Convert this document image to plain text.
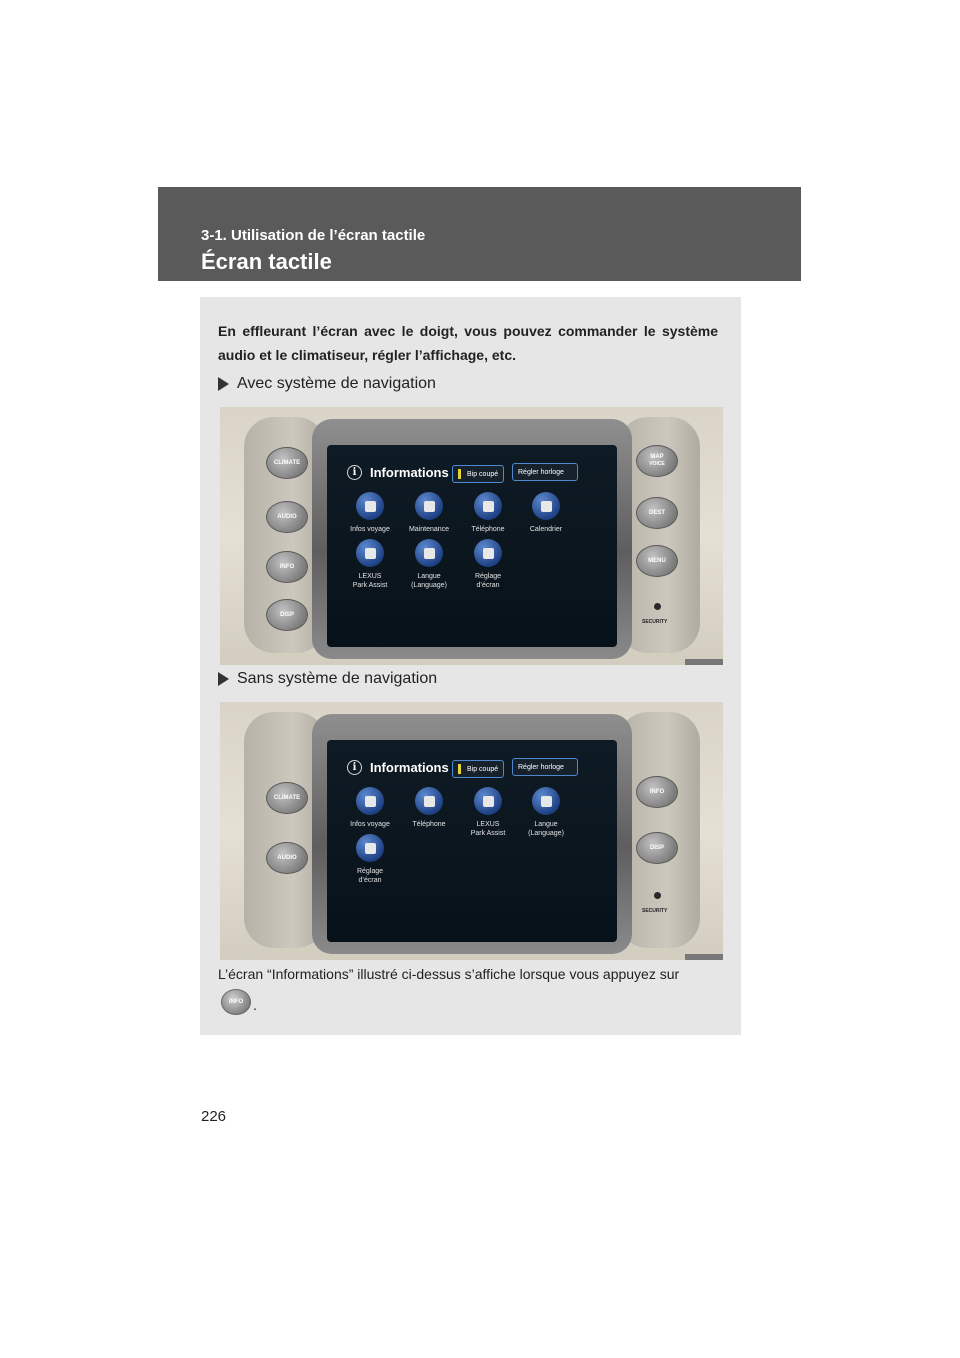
3-1. Utilisation de l’écran tactile
Écran tactile

En effleurant l’écran avec le doigt, vous pouvez commander le système audio et le climatiseur, régler l’affichage, etc.

Avec système de navigation
CLIMATE
AUDIO
INFO
DISP
MAP
VOICE
DEST
MENU
SECURITY
i	Informations	Bip coupé	Régler horloge
Infos voyage	Maintenance	Téléphone	Calendrier
LEXUS
Park Assist
Langue
(Language)
Réglage
d’écran
Sans système de navigation
CLIMATE
AUDIO
INFO
DISP
SECURITY
i	Informations	Bip coupé	Régler horloge
Infos voyage	Téléphone	LEXUS
Park Assist
Langue
(Language)
Réglage
d’écran

L’écran “Informations” illustré ci-dessus s’affiche lorsque vous appuyez sur

INFO .
226
